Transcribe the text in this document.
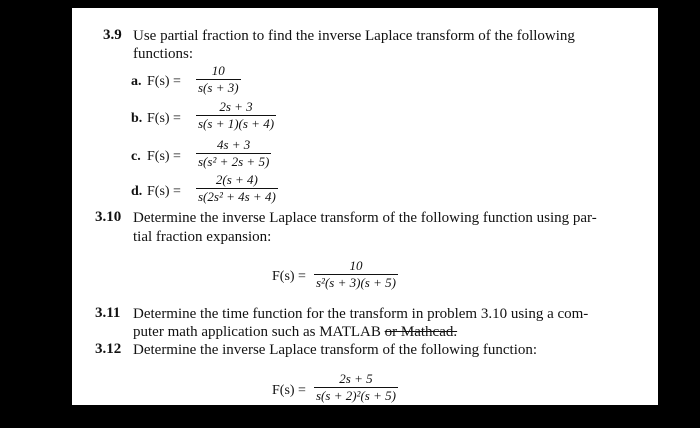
3.9 Use partial fraction to find the inverse Laplace transform of the following
functions:
a. $F(s) = \frac{10}{s(s + 3)}$
b. $F(s) = \frac{2s + 3}{s(s + 1)(s + 4)}$
c. $F(s) = \frac{4s + 3}{\text{s(s² + 2s + 5)}}$
d. $F(s) = \frac{2(s + 4)}{\text{s(2s² + 4s + 4)}}$
3.10 Determine the inverse Laplace transform of the following function using par-
tial fraction expansion:
$F(s) = \frac{10}{\text{s²(s + 3)(s + 5)}}$
3.11 Determine the time function for the transform in problem 3.10 using a com-
puter math application such as MATLAB or Mathcad.
3.12 Determine the inverse Laplace transform of the following function:
$F(s) = \frac{2s + 5}{\text{s(s + 2)²(s + 5)}}$
